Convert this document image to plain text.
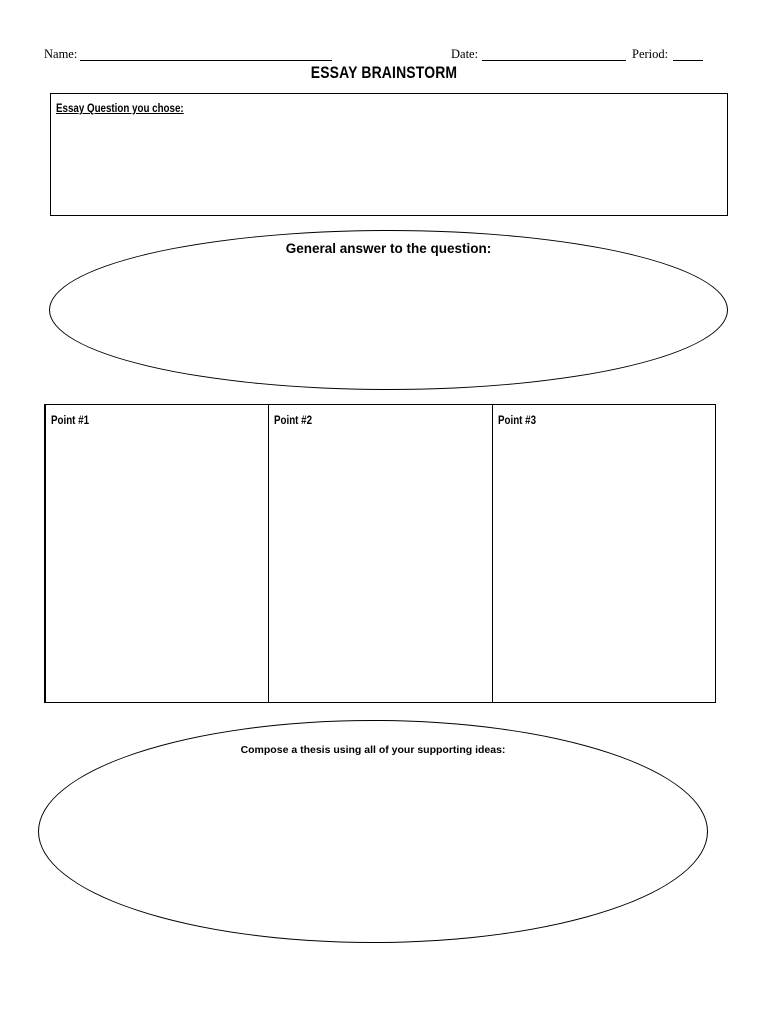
Name:	Date:	Period:
ESSAY BRAINSTORM
Essay Question you chose:
General answer to the question:
Point #1	Point #2	Point #3
Compose a thesis using all of your supporting ideas:
